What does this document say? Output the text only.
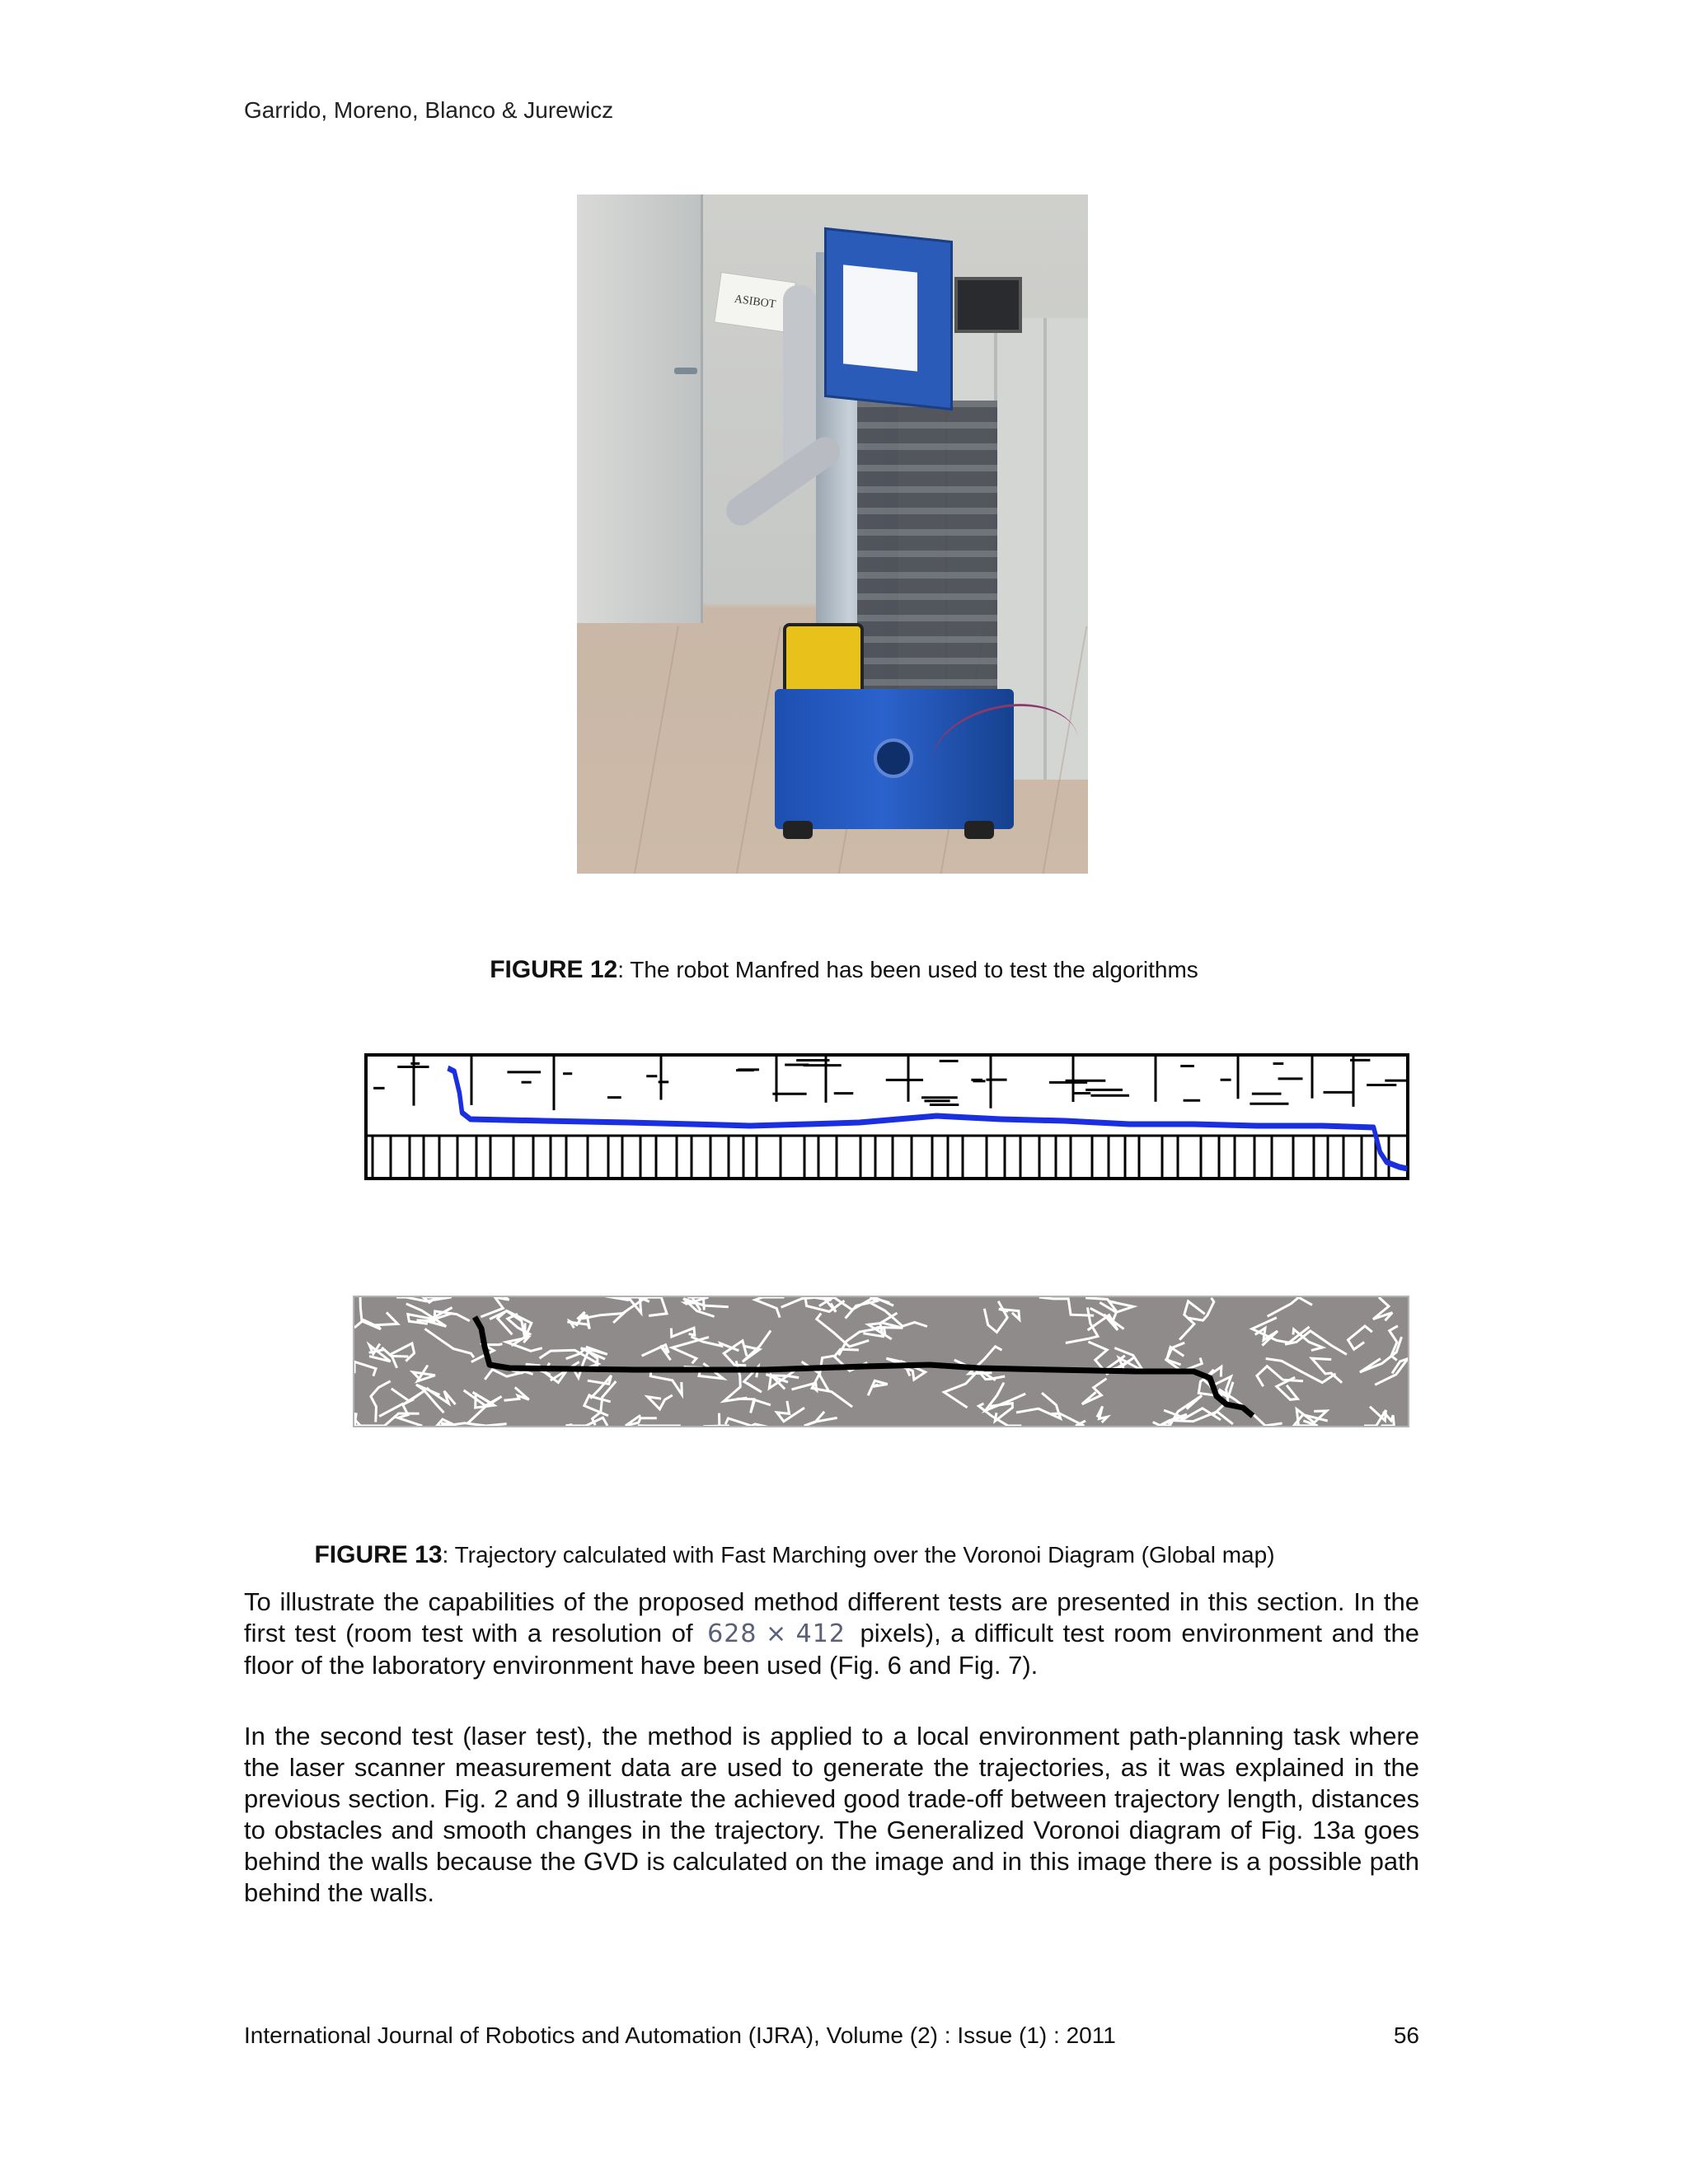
Garrido, Moreno, Blanco & Jurewicz
ASIBOT
FIGURE 12: The robot Manfred has been used to test the algorithms
FIGURE 13: Trajectory calculated with Fast Marching over the Voronoi Diagram (Global map)
To illustrate the capabilities of the proposed method different tests are presented in this section. In the first test (room test with a resolution of 628 × 412 pixels), a difficult test room environment and the floor of the laboratory environment have been used (Fig. 6 and Fig. 7).
In the second test (laser test), the method is applied to a local environment path-planning task where the laser scanner measurement data are used to generate the trajectories, as it was explained in the previous section. Fig. 2 and 9 illustrate the achieved good trade-off between trajectory length, distances to obstacles and smooth changes in the trajectory. The Generalized Voronoi diagram of Fig. 13a goes behind the walls because the GVD is calculated on the image and in this image there is a possible path behind the walls.
International Journal of Robotics and Automation (IJRA), Volume (2) : Issue (1) : 2011	56
